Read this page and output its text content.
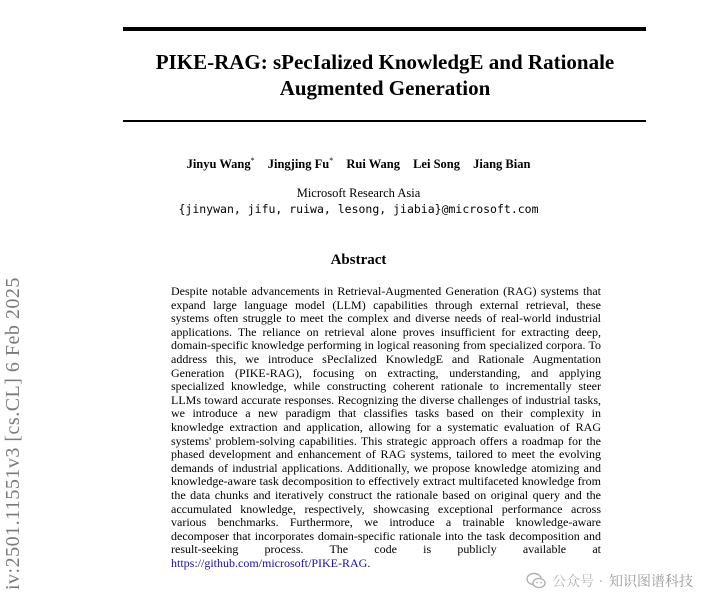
PIKE-RAG: sPecIalized KnowledgE and Rationale
Augmented Generation
Jinyu Wang* Jingjing Fu* Rui Wang Lei Song Jiang Bian
Microsoft Research Asia
{jinywan, jifu, ruiwa, lesong, jiabia}@microsoft.com
Abstract
Despite notable advancements in Retrieval-Augmented Generation (RAG) systems that expand large language model (LLM) capabilities through external retrieval, these systems often struggle to meet the complex and diverse needs of real-world industrial applications. The reliance on retrieval alone proves insufficient for extracting deep, domain-specific knowledge performing in logical reasoning from specialized corpora. To address this, we introduce sPecIalized KnowledgE and Rationale Augmentation Generation (PIKE-RAG), focusing on extracting, understanding, and applying specialized knowledge, while constructing coherent rationale to incrementally steer LLMs toward accurate responses. Recognizing the diverse challenges of industrial tasks, we introduce a new paradigm that classifies tasks based on their complexity in knowledge extraction and application, allowing for a systematic evaluation of RAG systems' problem-solving capabilities. This strategic approach offers a roadmap for the phased development and enhancement of RAG systems, tailored to meet the evolving demands of industrial applications. Additionally, we propose knowledge atomizing and knowledge-aware task decomposition to effectively extract multifaceted knowledge from the data chunks and iteratively construct the rationale based on original query and the accumulated knowledge, respectively, showcasing exceptional performance across various benchmarks. Furthermore, we introduce a trainable knowledge-aware decomposer that incorporates domain-specific rationale into the task decomposition and result-seeking process. The code is publicly available at https://github.com/microsoft/PIKE-RAG.
iv:2501.11551v3 [cs.CL] 6 Feb 2025	公众号 · 知识图谱科技
